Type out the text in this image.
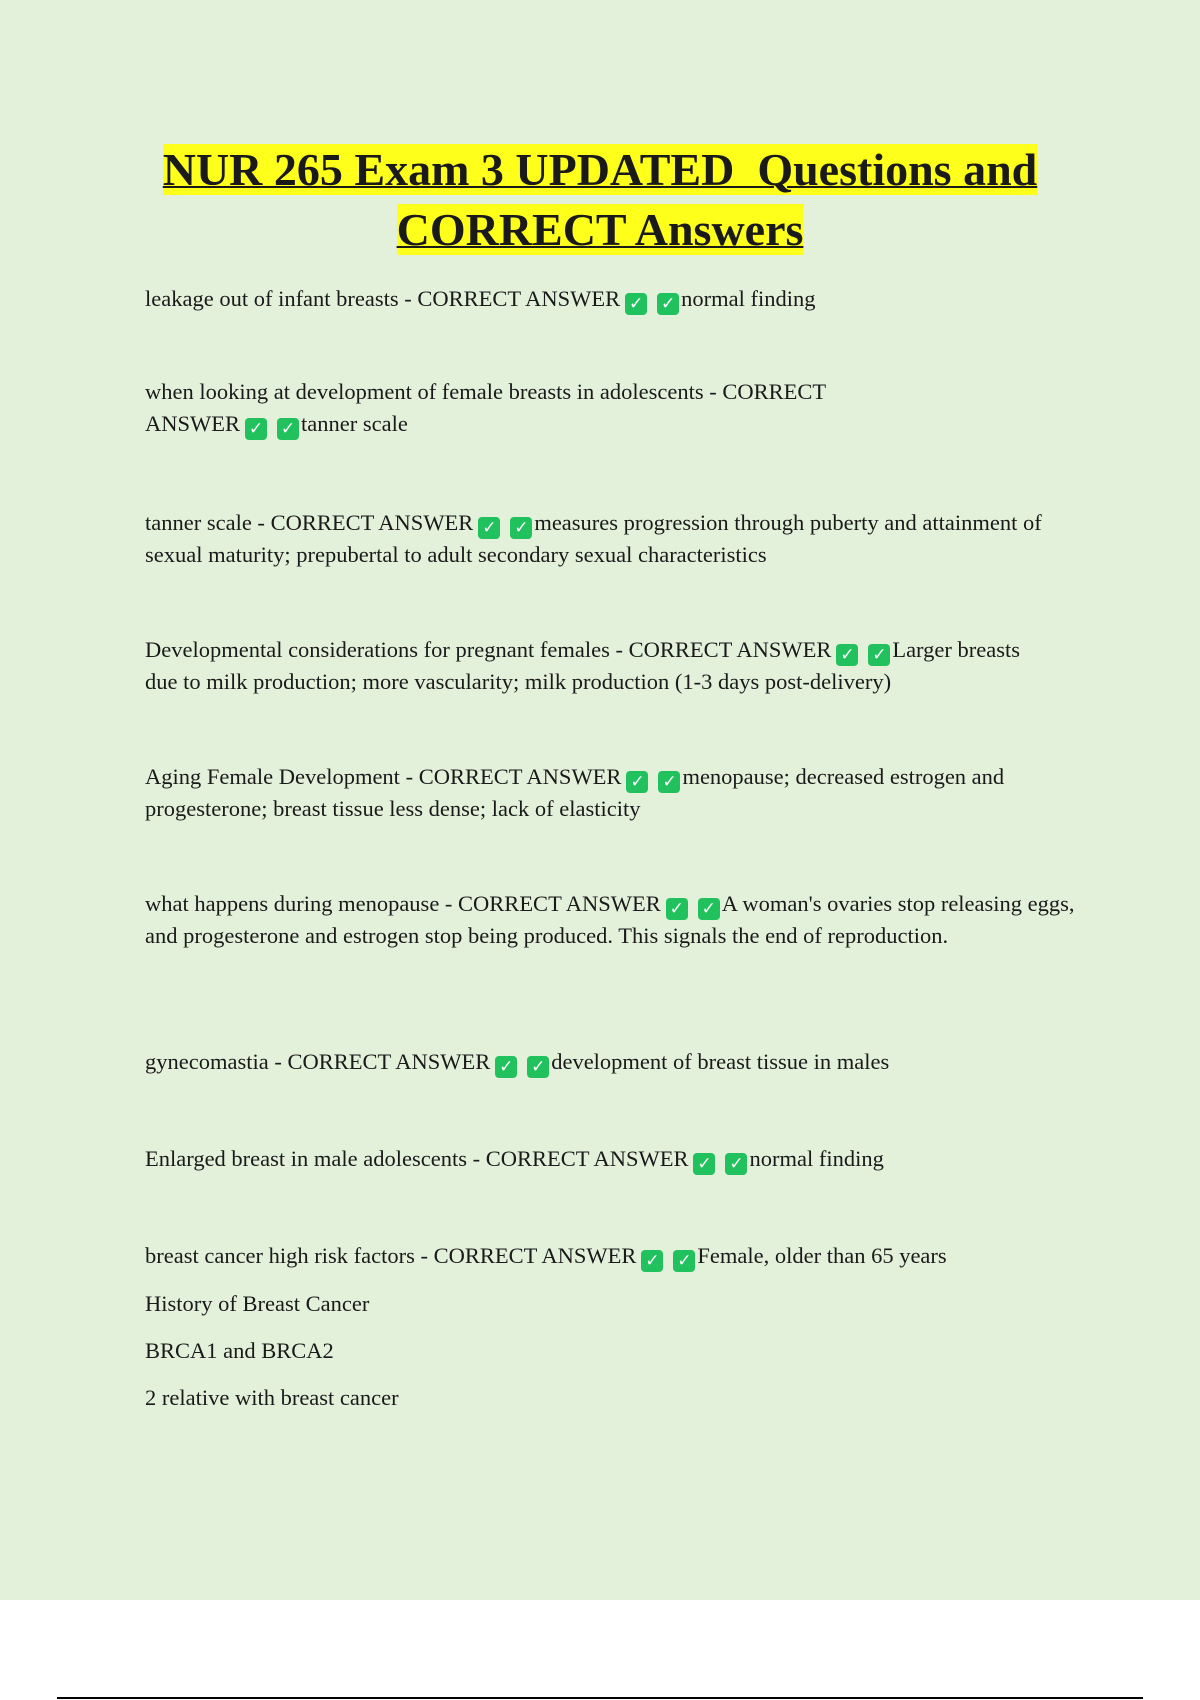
NUR 265 Exam 3 UPDATED  Questions and
CORRECT Answers

leakage out of infant breasts - CORRECT ANSWER ✓ ✓ normal finding

when looking at development of female breasts in adolescents - CORRECT ANSWER ✓ ✓ tanner scale

tanner scale - CORRECT ANSWER ✓ ✓ measures progression through puberty and attainment of sexual maturity; prepubertal to adult secondary sexual characteristics

Developmental considerations for pregnant females - CORRECT ANSWER ✓ ✓ Larger breasts due to milk production; more vascularity; milk production (1-3 days post-delivery)

Aging Female Development - CORRECT ANSWER ✓ ✓ menopause; decreased estrogen and progesterone; breast tissue less dense; lack of elasticity

what happens during menopause - CORRECT ANSWER ✓ ✓ A woman's ovaries stop releasing eggs, and progesterone and estrogen stop being produced. This signals the end of reproduction.

gynecomastia - CORRECT ANSWER ✓ ✓ development of breast tissue in males

Enlarged breast in male adolescents - CORRECT ANSWER ✓ ✓ normal finding

breast cancer high risk factors - CORRECT ANSWER ✓ ✓ Female, older than 65 years

History of Breast Cancer

BRCA1 and BRCA2

2 relative with breast cancer
